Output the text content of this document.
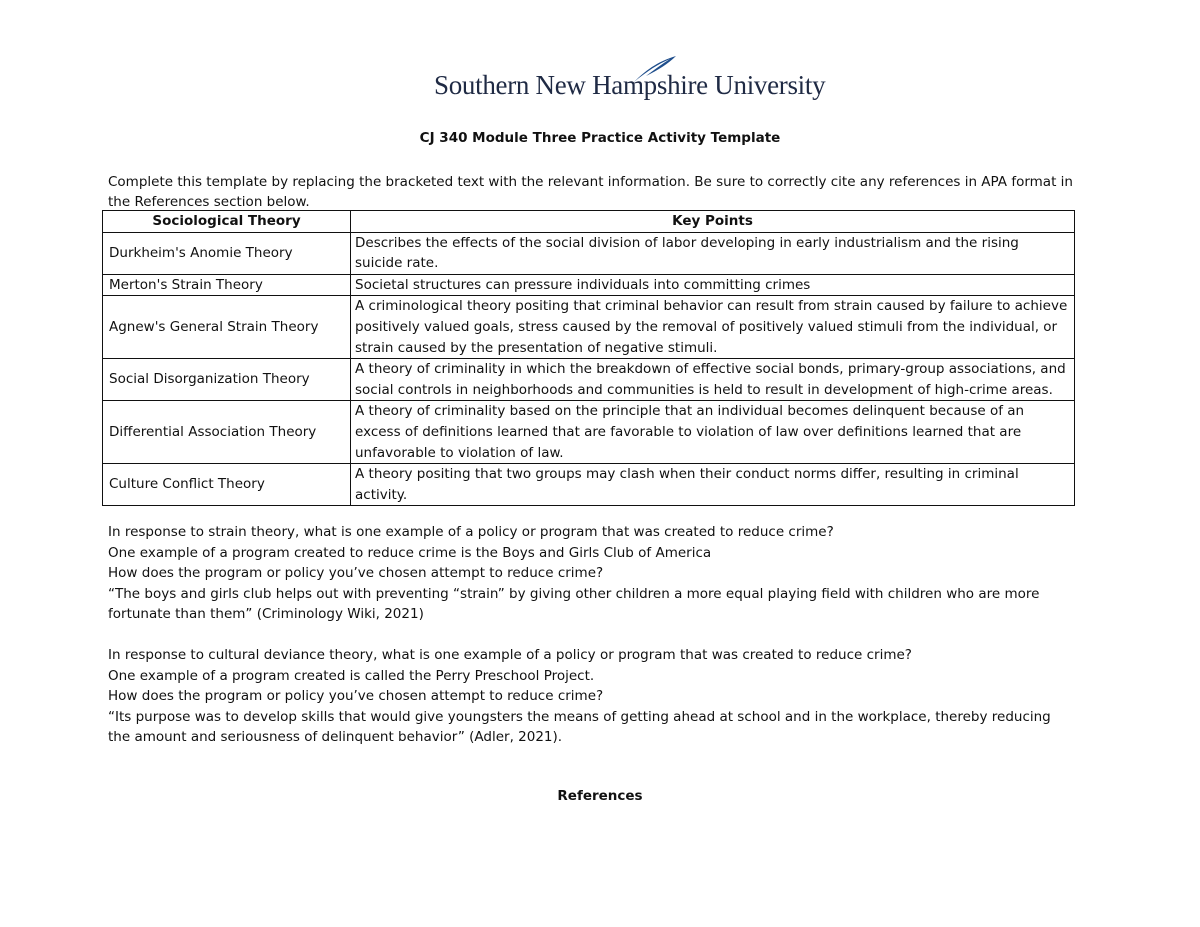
Southern New Hampshire University
CJ 340 Module Three Practice Activity Template
Complete this template by replacing the bracketed text with the relevant information. Be sure to correctly cite any references in APA format in the References section below.
Sociological Theory	Key Points
Durkheim's Anomie Theory	Describes the effects of the social division of labor developing in early industrialism and the rising suicide rate.
Merton's Strain Theory	Societal structures can pressure individuals into committing crimes
Agnew's General Strain Theory	A criminological theory positing that criminal behavior can result from strain caused by failure to achieve positively valued goals, stress caused by the removal of positively valued stimuli from the individual, or strain caused by the presentation of negative stimuli.
Social Disorganization Theory	A theory of criminality in which the breakdown of effective social bonds, primary-group associations, and social controls in neighborhoods and communities is held to result in development of high-crime areas.
Differential Association Theory	A theory of criminality based on the principle that an individual becomes delinquent because of an excess of definitions learned that are favorable to violation of law over definitions learned that are unfavorable to violation of law.
Culture Conflict Theory	A theory positing that two groups may clash when their conduct norms differ, resulting in criminal activity.

In response to strain theory, what is one example of a policy or program that was created to reduce crime?

One example of a program created to reduce crime is the Boys and Girls Club of America

How does the program or policy you’ve chosen attempt to reduce crime?

“The boys and girls club helps out with preventing “strain” by giving other children a more equal playing field with children who are more fortunate than them” (Criminology Wiki, 2021)

In response to cultural deviance theory, what is one example of a policy or program that was created to reduce crime?

One example of a program created is called the Perry Preschool Project.

How does the program or policy you’ve chosen attempt to reduce crime?

“Its purpose was to develop skills that would give youngsters the means of getting ahead at school and in the workplace, thereby reducing the amount and seriousness of delinquent behavior” (Adler, 2021).

References
